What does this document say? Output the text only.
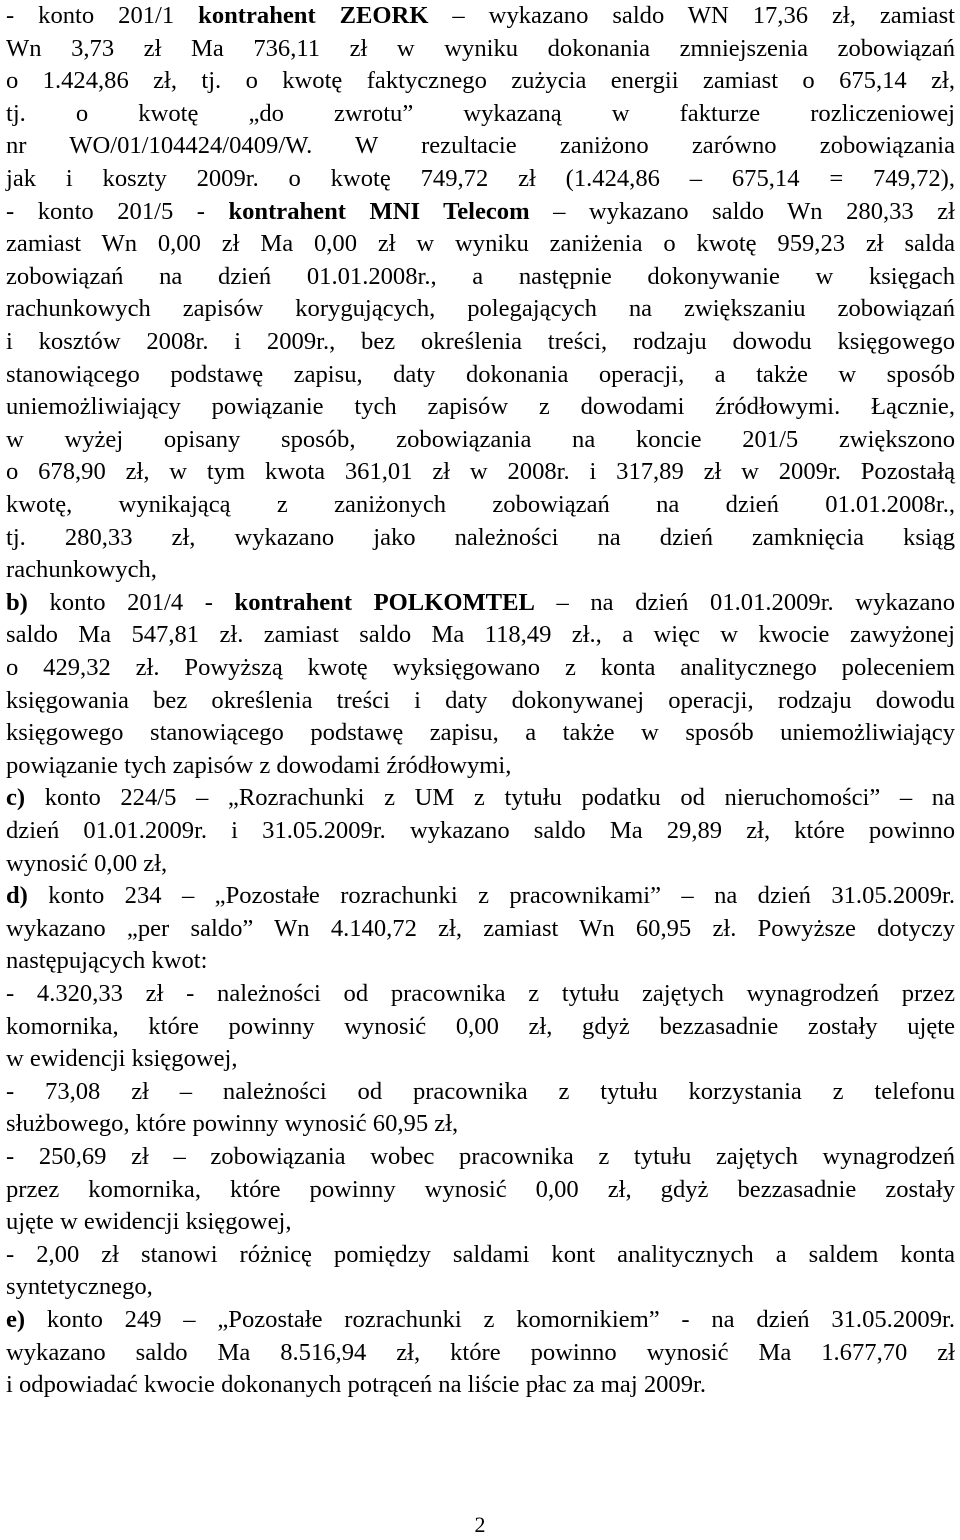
- konto 201/1 kontrahent ZEORK – wykazano saldo WN 17,36 zł, zamiast
Wn 3,73 zł Ma 736,11 zł w wyniku dokonania zmniejszenia zobowiązań
o 1.424,86 zł, tj. o kwotę faktycznego zużycia energii zamiast o 675,14 zł,
tj. o kwotę „do zwrotu” wykazaną w fakturze rozliczeniowej
nr WO/01/104424/0409/W. W rezultacie zaniżono zarówno zobowiązania
jak i koszty 2009r. o kwotę 749,72 zł (1.424,86 – 675,14 = 749,72),
- konto 201/5 - kontrahent MNI Telecom – wykazano saldo Wn 280,33 zł
zamiast Wn 0,00 zł Ma 0,00 zł w wyniku zaniżenia o kwotę 959,23 zł salda
zobowiązań na dzień 01.01.2008r., a następnie dokonywanie w księgach
rachunkowych zapisów korygujących, polegających na zwiększaniu zobowiązań
i kosztów 2008r. i 2009r., bez określenia treści, rodzaju dowodu księgowego
stanowiącego podstawę zapisu, daty dokonania operacji, a także w sposób
uniemożliwiający powiązanie tych zapisów z dowodami źródłowymi. Łącznie,
w wyżej opisany sposób, zobowiązania na koncie 201/5 zwiększono
o 678,90 zł, w tym kwota 361,01 zł w 2008r. i 317,89 zł w 2009r. Pozostałą
kwotę, wynikającą z zaniżonych zobowiązań na dzień 01.01.2008r.,
tj. 280,33 zł, wykazano jako należności na dzień zamknięcia ksiąg
rachunkowych,
b) konto 201/4 - kontrahent POLKOMTEL – na dzień 01.01.2009r. wykazano
saldo Ma 547,81 zł. zamiast saldo Ma 118,49 zł., a więc w kwocie zawyżonej
o 429,32 zł. Powyższą kwotę wyksięgowano z konta analitycznego poleceniem
księgowania bez określenia treści i daty dokonywanej operacji, rodzaju dowodu
księgowego stanowiącego podstawę zapisu, a także w sposób uniemożliwiający
powiązanie tych zapisów z dowodami źródłowymi,
c) konto 224/5 – „Rozrachunki z UM z tytułu podatku od nieruchomości” – na
dzień 01.01.2009r. i 31.05.2009r. wykazano saldo Ma 29,89 zł, które powinno
wynosić 0,00 zł,
d) konto 234 – „Pozostałe rozrachunki z pracownikami” – na dzień 31.05.2009r.
wykazano „per saldo” Wn 4.140,72 zł, zamiast Wn 60,95 zł. Powyższe dotyczy
następujących kwot:
- 4.320,33 zł - należności od pracownika z tytułu zajętych wynagrodzeń przez
komornika, które powinny wynosić 0,00 zł, gdyż bezzasadnie zostały ujęte
w ewidencji księgowej,
- 73,08 zł – należności od pracownika z tytułu korzystania z telefonu
służbowego, które powinny wynosić 60,95 zł,
- 250,69 zł – zobowiązania wobec pracownika z tytułu zajętych wynagrodzeń
przez komornika, które powinny wynosić 0,00 zł, gdyż bezzasadnie zostały
ujęte w ewidencji księgowej,
- 2,00 zł stanowi różnicę pomiędzy saldami kont analitycznych a saldem konta
syntetycznego,
e) konto 249 – „Pozostałe rozrachunki z komornikiem” - na dzień 31.05.2009r.
wykazano saldo Ma 8.516,94 zł, które powinno wynosić Ma 1.677,70 zł
i odpowiadać kwocie dokonanych potrąceń na liście płac za maj 2009r.
2
